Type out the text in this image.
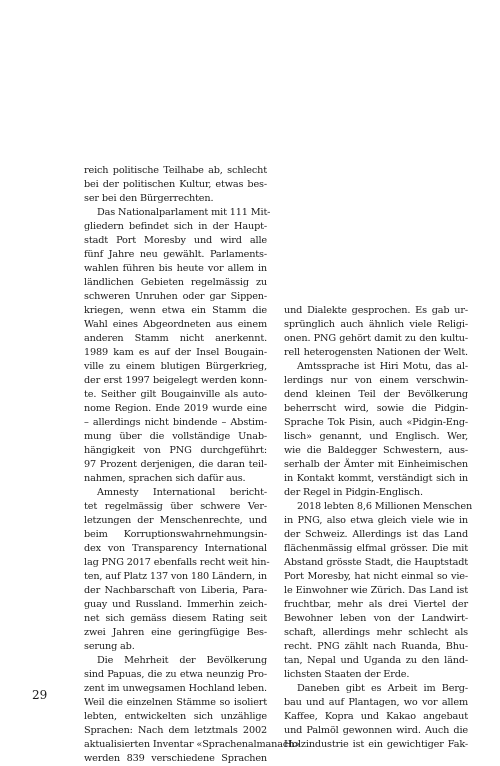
reich politische Teilhabe ab, schlecht
bei der politischen Kultur, etwas bes-
ser bei den Bürgerrechten.
Das Nationalparlament mit 111 Mit-
gliedern befindet sich in der Haupt-
stadt Port Moresby und wird alle
fünf Jahre neu gewählt. Parlaments-
wahlen führen bis heute vor allem in
ländlichen Gebieten regelmässig zu
schweren Unruhen oder gar Sippen-
kriegen, wenn etwa ein Stamm die
Wahl eines Abgeordneten aus einem
anderen Stamm nicht anerkennt.
1989 kam es auf der Insel Bougain-
ville zu einem blutigen Bürgerkrieg,
der erst 1997 beigelegt werden konn-
te. Seither gilt Bougainville als auto-
nome Region. Ende 2019 wurde eine
– allerdings nicht bindende – Abstim-
mung über die vollständige Unab-
hängigkeit von PNG durchgeführt:
97 Prozent derjenigen, die daran teil-
nahmen, sprachen sich dafür aus.
Amnesty International bericht-
tet regelmässig über schwere Ver-
letzungen der Menschenrechte, und
beim Korruptionswahrnehmungsin-
dex von Transparency International
lag PNG 2017 ebenfalls recht weit hin-
ten, auf Platz 137 von 180 Ländern, in
der Nachbarschaft von Liberia, Para-
guay und Russland. Immerhin zeich-
net sich gemäss diesem Rating seit
zwei Jahren eine geringfügige Bes-
serung ab.
Die Mehrheit der Bevölkerung
sind Papuas, die zu etwa neunzig Pro-
zent im unwegsamen Hochland leben.
Weil die einzelnen Stämme so isoliert
lebten, entwickelten sich unzählige
Sprachen: Nach dem letztmals 2002
aktualisierten Inventar «Sprachenalmanach»
werden 839 verschiedene Sprachen
und Dialekte gesprochen. Es gab ur-
sprünglich auch ähnlich viele Religi-
onen. PNG gehört damit zu den kultu-
rell heterogensten Nationen der Welt.
Amtssprache ist Hiri Motu, das al-
lerdings nur von einem verschwin-
dend kleinen Teil der Bevölkerung
beherrscht wird, sowie die Pidgin-
Sprache Tok Pisin, auch «Pidgin-Eng-
lisch» genannt, und Englisch. Wer,
wie die Baldegger Schwestern, aus-
serhalb der Ämter mit Einheimischen
in Kontakt kommt, verständigt sich in
der Regel in Pidgin-Englisch.
2018 lebten 8,6 Millionen Menschen
in PNG, also etwa gleich viele wie in
der Schweiz. Allerdings ist das Land
flächenmässig elfmal grösser. Die mit
Abstand grösste Stadt, die Hauptstadt
Port Moresby, hat nicht einmal so vie-
le Einwohner wie Zürich. Das Land ist
fruchtbar, mehr als drei Viertel der
Bewohner leben von der Landwirt-
schaft, allerdings mehr schlecht als
recht. PNG zählt nach Ruanda, Bhu-
tan, Nepal und Uganda zu den länd-
lichsten Staaten der Erde.
Daneben gibt es Arbeit im Berg-
bau und auf Plantagen, wo vor allem
Kaffee, Kopra und Kakao angebaut
und Palmöl gewonnen wird. Auch die
Holzindustrie ist ein gewichtiger Fak-
29
